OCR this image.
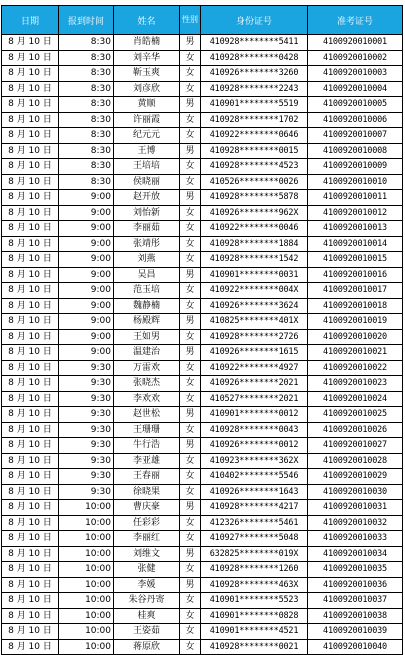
日期	报到时间	姓名	性别	身份证号	准考证号
8 月 10 日	8:30	肖皓楠	男	410928********5411	4100920010001
8 月 10 日	8:30	刘辛华	女	410928********0428	4100920010002
8 月 10 日	8:30	靳玉爽	女	410926********3260	4100920010003
8 月 10 日	8:30	刘彦欣	女	410928********2243	4100920010004
8 月 10 日	8:30	黄顺	男	410901********5519	4100920010005
8 月 10 日	8:30	许丽霞	女	410928********1702	4100920010006
8 月 10 日	8:30	纪元元	女	410922********0646	4100920010007
8 月 10 日	8:30	王博	男	410928********0015	4100920010008
8 月 10 日	8:30	王培培	女	410928********4523	4100920010009
8 月 10 日	8:30	侯晓丽	女	410526********0026	4100920010010
8 月 10 日	9:00	赵开放	男	410928********5878	4100920010011
8 月 10 日	9:00	刘怡新	女	410926********962X	4100920010012
8 月 10 日	9:00	李丽茹	女	410922********0046	4100920010013
8 月 10 日	9:00	张靖彤	女	410928********1884	4100920010014
8 月 10 日	9:00	刘燕	女	410928********1542	4100920010015
8 月 10 日	9:00	吴昌	男	410901********0031	4100920010016
8 月 10 日	9:00	范玉培	女	410922********004X	4100920010017
8 月 10 日	9:00	魏静楠	女	410926********3624	4100920010018
8 月 10 日	9:00	杨殿辉	男	410825********401X	4100920010019
8 月 10 日	9:00	王如男	女	410928********2726	4100920010020
8 月 10 日	9:00	温建治	男	410926********1615	4100920010021
8 月 10 日	9:30	万雷欢	女	410922********4927	4100920010022
8 月 10 日	9:30	张晓杰	女	410926********2021	4100920010023
8 月 10 日	9:30	李欢欢	女	410527********2021	4100920010024
8 月 10 日	9:30	赵世松	男	410901********0012	4100920010025
8 月 10 日	9:30	王珊珊	女	410928********0043	4100920010026
8 月 10 日	9:30	牛行浩	男	410926********0012	4100920010027
8 月 10 日	9:30	李亚雄	女	410923********362X	4100920010028
8 月 10 日	9:30	王春丽	女	410402********5546	4100920010029
8 月 10 日	9:30	徐晓果	女	410926********1643	4100920010030
8 月 10 日	10:00	曹庆豪	男	410928********4217	4100920010031
8 月 10 日	10:00	任彩彩	女	412326********5461	4100920010032
8 月 10 日	10:00	李丽红	女	410927********5048	4100920010033
8 月 10 日	10:00	刘维文	男	632825********019X	4100920010034
8 月 10 日	10:00	张健	女	410928********1260	4100920010035
8 月 10 日	10:00	李媛	男	410928********463X	4100920010036
8 月 10 日	10:00	朱谷丹寄	女	410901********5523	4100920010037
8 月 10 日	10:00	桂爽	女	410901********0828	4100920010038
8 月 10 日	10:00	王姿茹	女	410901********4521	4100920010039
8 月 10 日	10:00	蒋原欣	女	410928********0021	4100920010040
